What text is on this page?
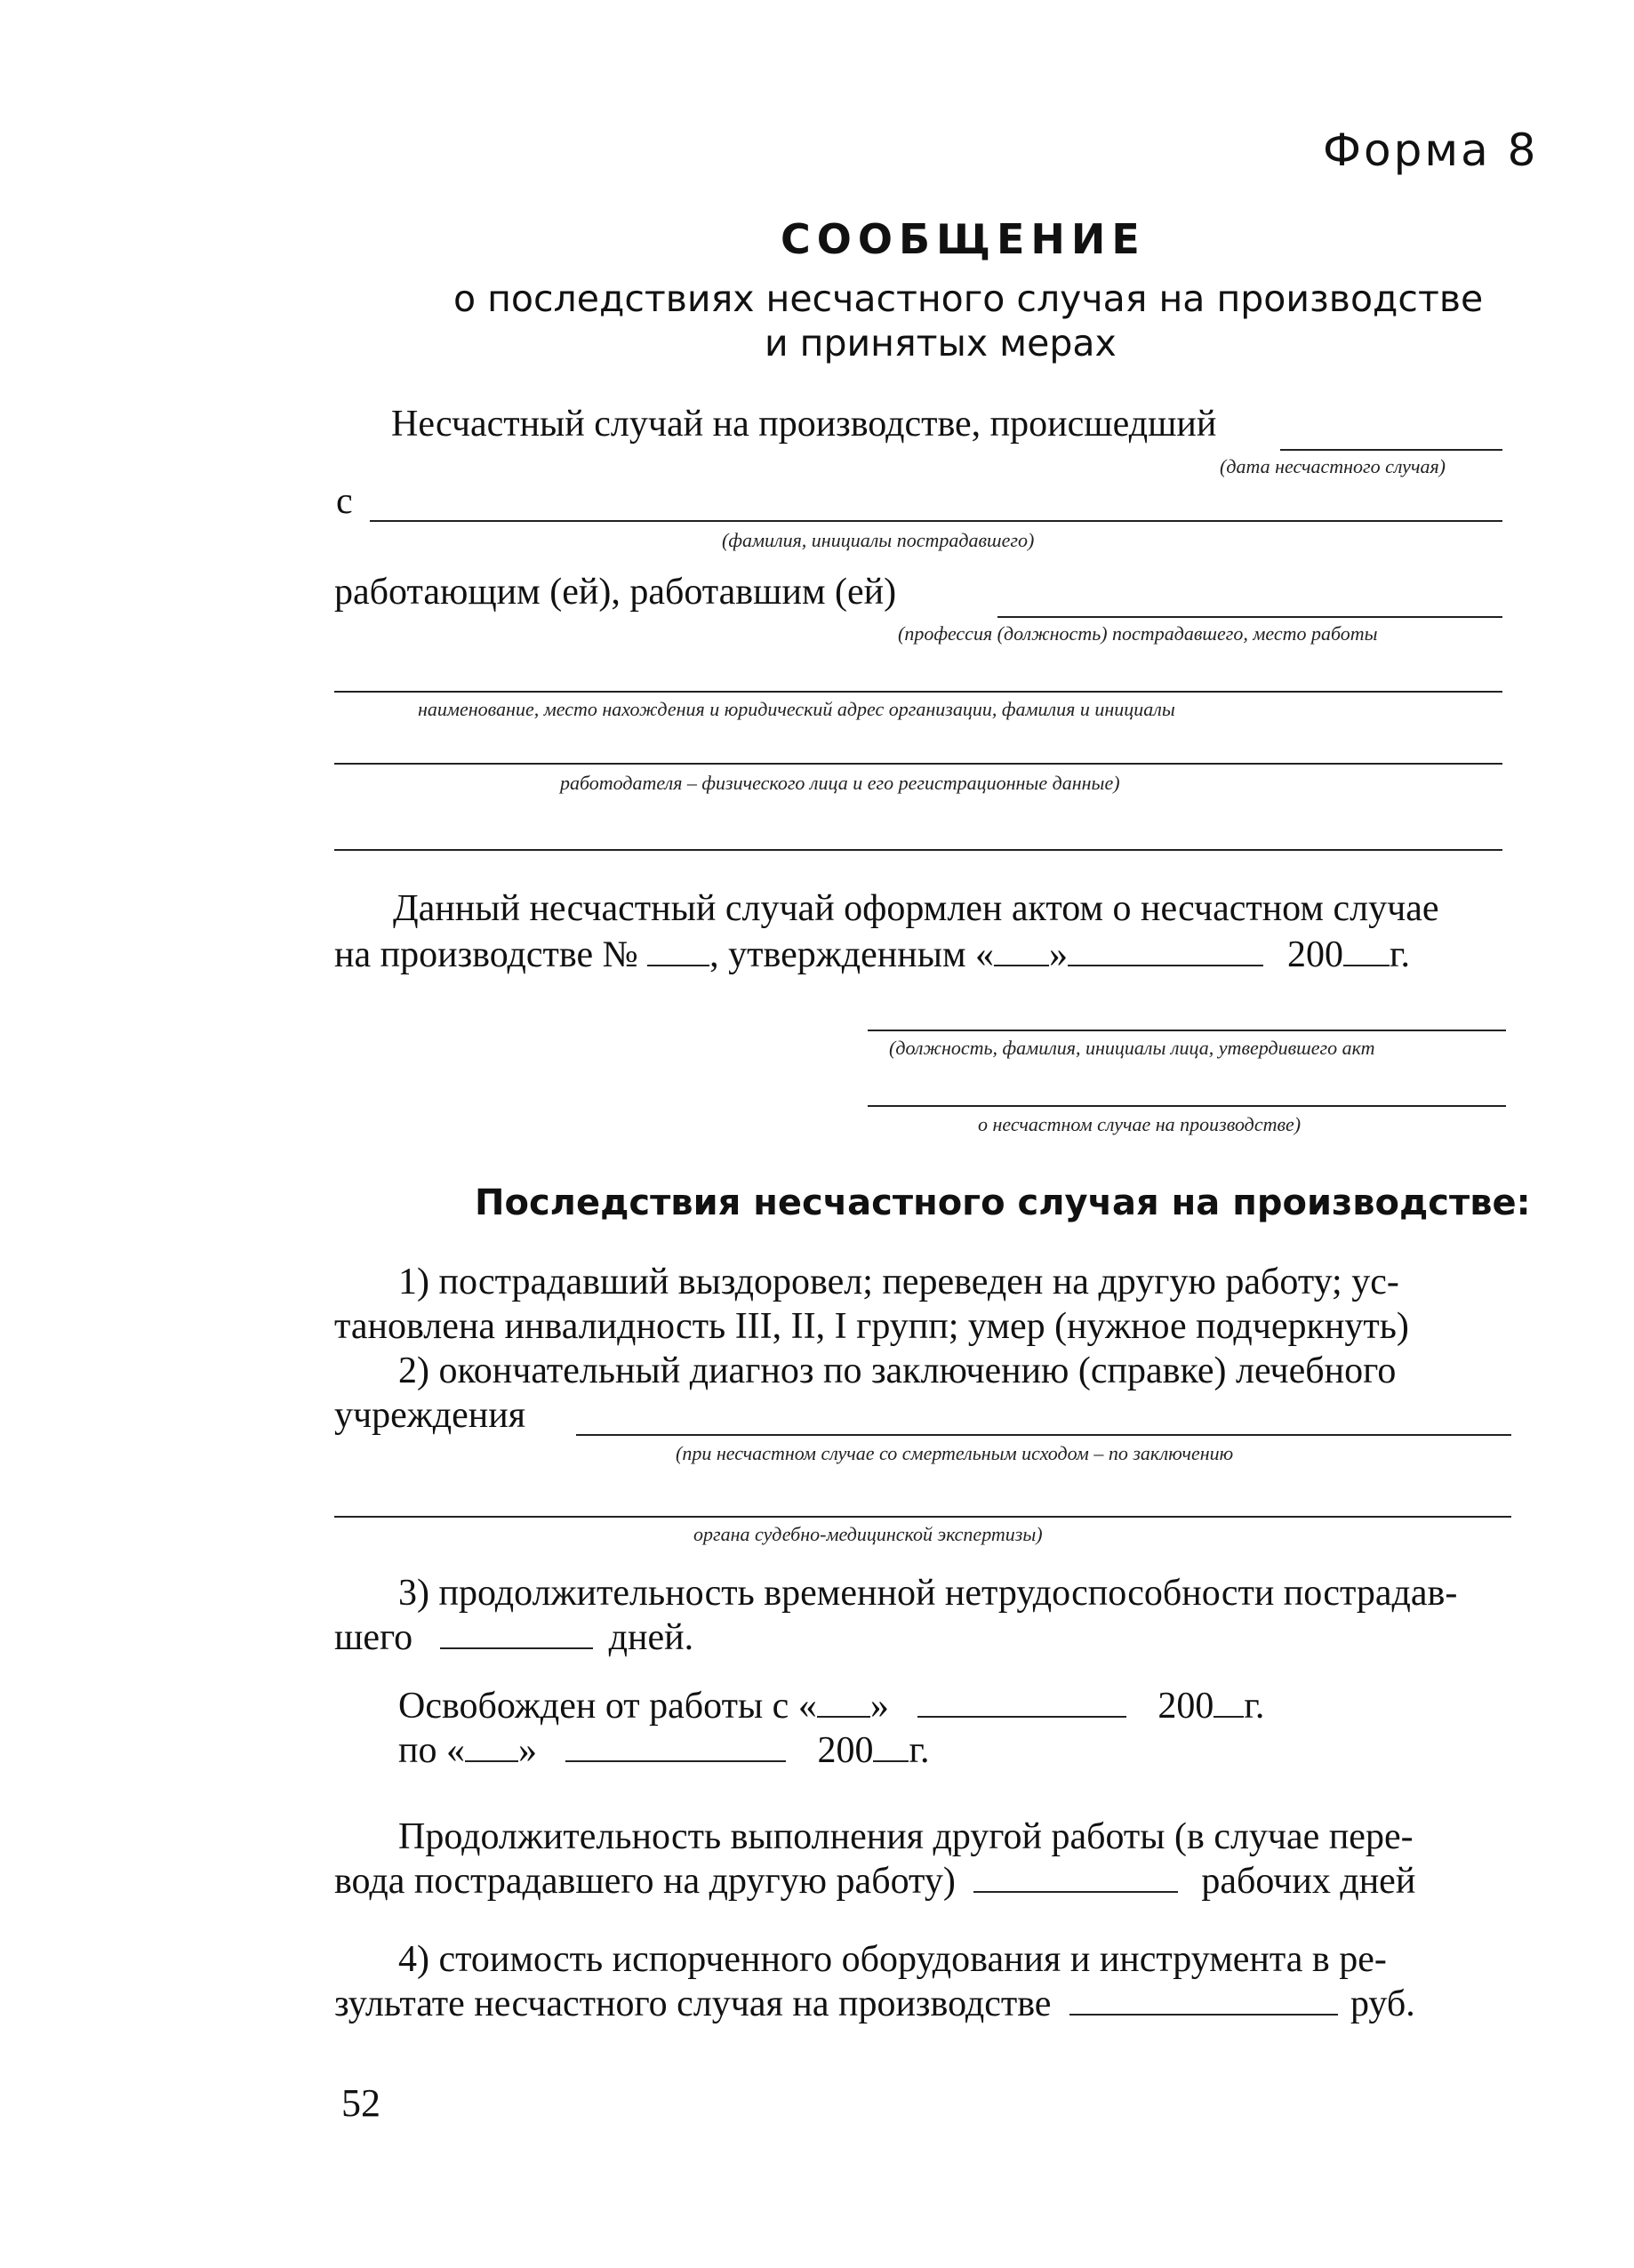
Форма 8
СООБЩЕНИЕ
о последствиях несчастного случая на производстве
и принятых мерах
Несчастный случай на производстве, происшедший
(дата несчастного случая)
с
(фамилия, инициалы пострадавшего)
работающим (ей), работавшим (ей)
(профессия (должность) пострадавшего, место работы
наименование, место нахождения и юридический адрес организации, фамилия и инициалы
работодателя – физического лица и его регистрационные данные)
Данный несчастный случай оформлен актом о несчастном случае
на производстве № , утвержденным « »	200 г.
(должность, фамилия, инициалы лица, утвердившего акт
о несчастном случае на производстве)
Последствия несчастного случая на производстве:
1) пострадавший выздоровел; переведен на другую работу; ус-
тановлена инвалидность III, II, I групп; умер (нужное подчеркнуть)
2) окончательный диагноз по заключению (справке) лечебного
учреждения
(при несчастном случае со смертельным исходом – по заключению
органа судебно-медицинской экспертизы)
3) продолжительность временной нетрудоспособности пострадав-
шего	дней.
Освобожден от работы с « »	200 г.
по « »	200 г.
Продолжительность выполнения другой работы (в случае пере-
вода пострадавшего на другую работу)	рабочих дней
4) стоимость испорченного оборудования и инструмента в ре-
зультате несчастного случая на производстве	руб.
52
